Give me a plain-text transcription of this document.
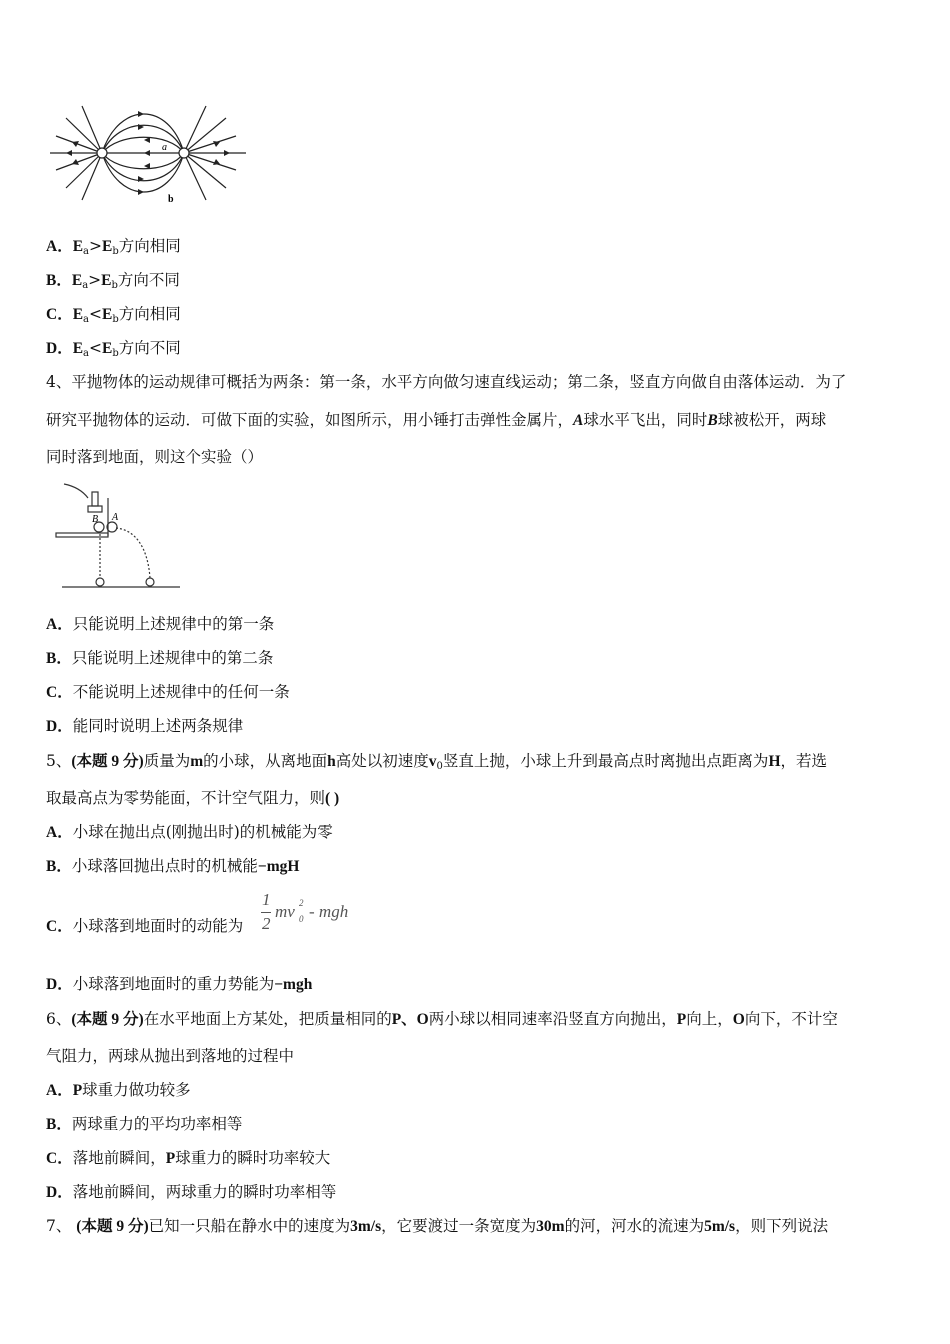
a
b
A．$E_a>E_b$方向相同
B．$E_a>E_b$方向不同
C．$E_a<E_b$方向相同
D．$E_a<E_b$方向不同
4、平抛物体的运动规律可概括为两条：第一条，水平方向做匀速直线运动；第二条，竖直方向做自由落体运动．为了
研究平抛物体的运动．可做下面的实验，如图所示，用小锤打击弹性金属片，A球水平飞出，同时B球被松开，两球
同时落到地面，则这个实验（）
B A
A．只能说明上述规律中的第一条
B．只能说明上述规律中的第二条
C．不能说明上述规律中的任何一条
D．能同时说明上述两条规律
5、(本题 9 分)质量为m的小球，从离地面h高处以初速度$v_0$竖直上抛，小球上升到最高点时离抛出点距离为H，若选
取最高点为零势能面，不计空气阻力，则( )
A．小球在抛出点(刚抛出时)的机械能为零
B．小球落回抛出点时的机械能−mgH
C．小球落到地面时的动能为
1
2
mv 2
0 - mgh
D．小球落到地面时的重力势能为−mgh
6、(本题 9 分)在水平地面上方某处，把质量相同的P、O两小球以相同速率沿竖直方向抛出，P向上，O向下，不计空
气阻力，两球从抛出到落地的过程中
A．P球重力做功较多
B．两球重力的平均功率相等
C．落地前瞬间，P球重力的瞬时功率较大
D．落地前瞬间，两球重力的瞬时功率相等
7、 (本题 9 分)已知一只船在静水中的速度为3m/s，它要渡过一条宽度为30m的河，河水的流速为5m/s，则下列说法
